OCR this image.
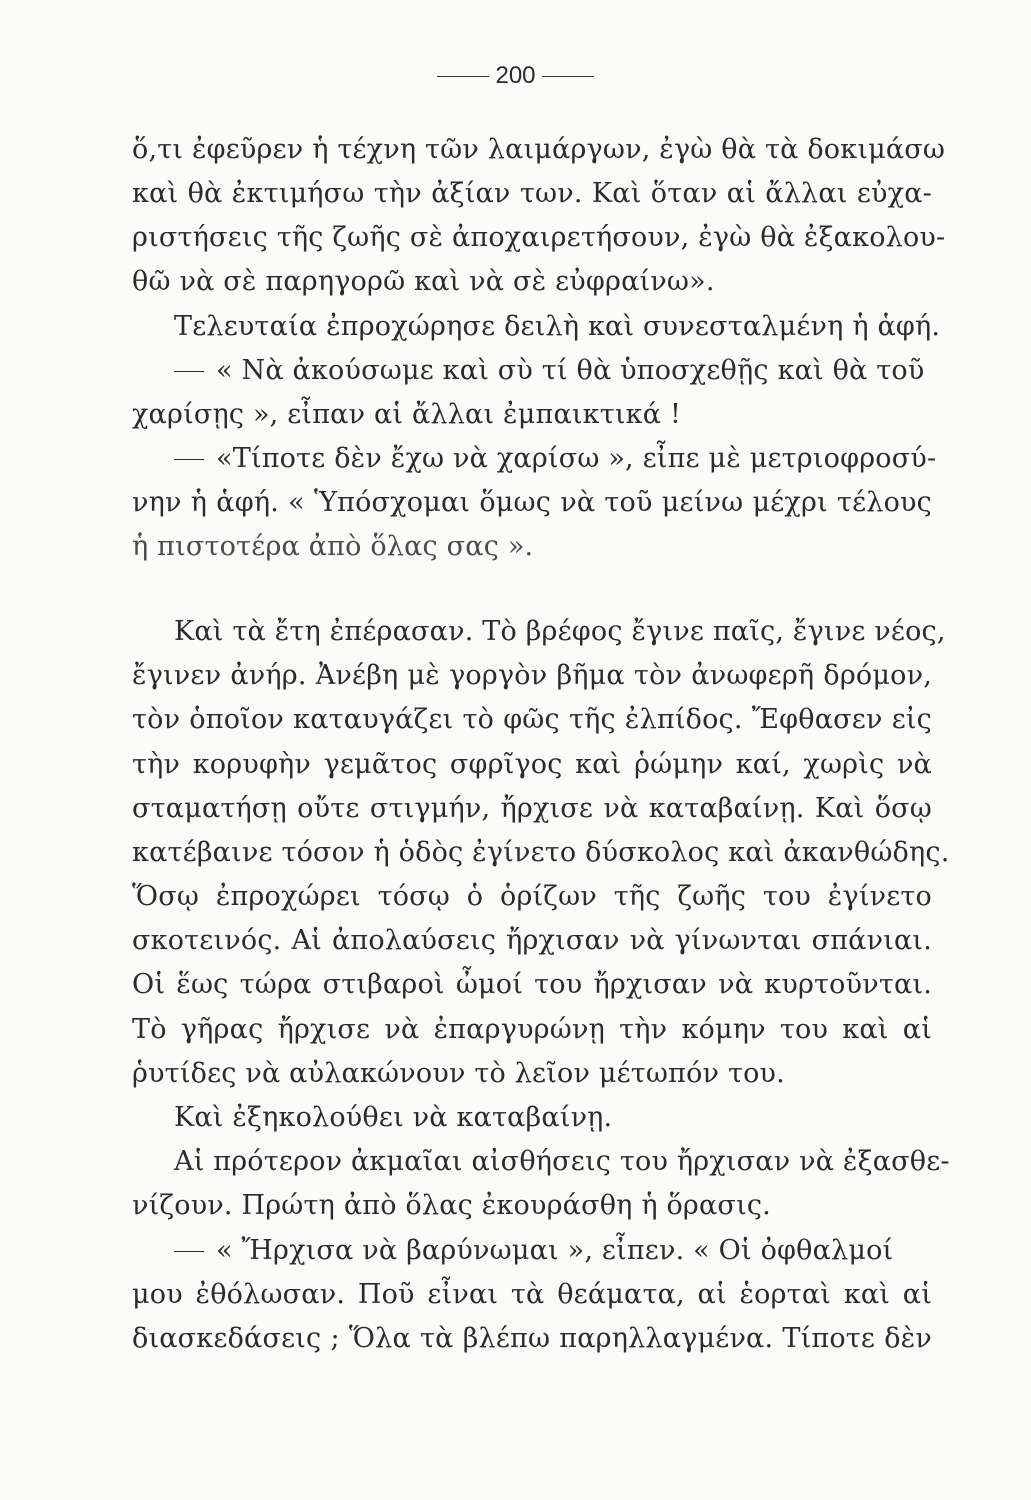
200
ὅ,τι ἐφεῦρεν ἡ τέχνη τῶν λαιμάργων, ἐγὼ θὰ τὰ δοκιμάσω
καὶ θὰ ἐκτιμήσω τὴν ἀξίαν των. Καὶ ὅταν αἱ ἄλλαι εὐχα-
ριστήσεις τῆς ζωῆς σὲ ἀποχαιρετήσουν, ἐγὼ θὰ ἐξακολου-
θῶ νὰ σὲ παρηγορῶ καὶ νὰ σὲ εὐφραίνω».
Τελευταία ἐπροχώρησε δειλὴ καὶ συνεσταλμένη ἡ ἁφή.
« Νὰ ἀκούσωμε καὶ σὺ τί θὰ ὑποσχεθῇς καὶ θὰ τοῦ
χαρίσῃς », εἶπαν αἱ ἄλλαι ἐμπαικτικά !
«Τίποτε δὲν ἔχω νὰ χαρίσω », εἶπε μὲ μετριοφροσύ-
νην ἡ ἁφή. « Ὑπόσχομαι ὅμως νὰ τοῦ μείνω μέχρι τέλους
ἡ πιστοτέρα ἀπὸ ὅλας σας ».
Καὶ τὰ ἔτη ἐπέρασαν. Τὸ βρέφος ἔγινε παῖς, ἔγινε νέος,
ἔγινεν ἀνήρ. Ἀνέβη μὲ γοργὸν βῆμα τὸν ἀνωφερῆ δρόμον,
τὸν ὁποῖον καταυγάζει τὸ φῶς τῆς ἐλπίδος. Ἔφθασεν εἰς
τὴν κορυφὴν γεμᾶτος σφρῖγος καὶ ῥώμην καί, χωρὶς νὰ
σταματήσῃ οὔτε στιγμήν, ἤρχισε νὰ καταβαίνῃ. Καὶ ὅσῳ
κατέβαινε τόσον ἡ ὁδὸς ἐγίνετο δύσκολος καὶ ἀκανθώδης.
Ὅσῳ ἐπροχώρει τόσῳ ὁ ὁρίζων τῆς ζωῆς του ἐγίνετο
σκοτεινός. Αἱ ἀπολαύσεις ἤρχισαν νὰ γίνωνται σπάνιαι.
Οἱ ἕως τώρα στιβαροὶ ὦμοί του ἤρχισαν νὰ κυρτοῦνται.
Τὸ γῆρας ἤρχισε νὰ ἐπαργυρώνῃ τὴν κόμην του καὶ αἱ
ῥυτίδες νὰ αὐλακώνουν τὸ λεῖον μέτωπόν του.
Καὶ ἐξηκολούθει νὰ καταβαίνῃ.
Αἱ πρότερον ἀκμαῖαι αἰσθήσεις του ἤρχισαν νὰ ἐξασθε-
νίζουν. Πρώτη ἀπὸ ὅλας ἐκουράσθη ἡ ὅρασις.
« Ἤρχισα νὰ βαρύνωμαι », εἶπεν. « Οἱ ὀφθαλμοί
μου ἐθόλωσαν. Ποῦ εἶναι τὰ θεάματα, αἱ ἑορταὶ καὶ αἱ
διασκεδάσεις ; Ὅλα τὰ βλέπω παρηλλαγμένα. Τίποτε δὲν
